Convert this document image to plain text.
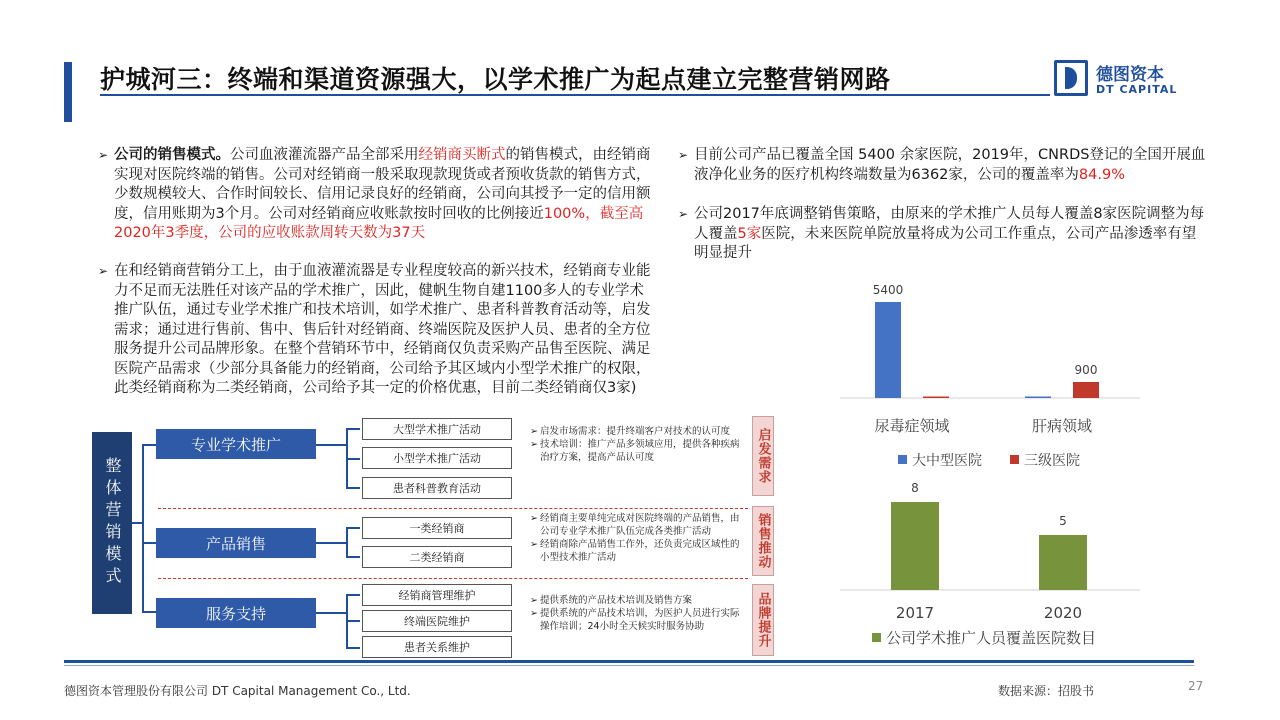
护城河三：终端和渠道资源强大，以学术推广为起点建立完整营销网路	德图资本
DT CAPITAL
➢ 公司的销售模式。公司血液灌流器产品全部采用经销商买断式的销售模式，由经销商实现对医院终端的销售。公司对经销商一般采取现款现货或者预收货款的销售方式，少数规模较大、合作时间较长、信用记录良好的经销商，公司向其授予一定的信用额度，信用账期为3个月。公司对经销商应收账款按时回收的比例接近100%，截至高2020年3季度，公司的应收账款周转天数为37天
➢ 在和经销商营销分工上，由于血液灌流器是专业程度较高的新兴技术，经销商专业能力不足而无法胜任对该产品的学术推广，因此，健帆生物自建1100多人的专业学术推广队伍，通过专业学术推广和技术培训，如学术推广、患者科普教育活动等，启发需求；通过进行售前、售中、售后针对经销商、终端医院及医护人员、患者的全方位服务提升公司品牌形象。在整个营销环节中，经销商仅负责采购产品售至医院、满足医院产品需求（少部分具备能力的经销商，公司给予其区域内小型学术推广的权限，此类经销商称为二类经销商，公司给予其一定的价格优惠，目前二类经销商仅3家)
➢ 目前公司产品已覆盖全国 5400 余家医院，2019年，CNRDS登记的全国开展血液净化业务的医疗机构终端数量为6362家，公司的覆盖率为84.9%
➢ 公司2017年底调整销售策略，由原来的学术推广人员每人覆盖8家医院调整为每人覆盖5家医院，未来医院单院放量将成为公司工作重点，公司产品渗透率有望明显提升
整体营销模式
专业学术推广
大型学术推广活动
小型学术推广活动
患者科普教育活动
➢ 启发市场需求：提升终端客户对技术的认可度
➢ 技术培训：推广产品多领域应用，提供各种疾病治疗方案，提高产品认可度	启发需求
产品销售
一类经销商
二类经销商
➢ 经销商主要单纯完成对医院终端的产品销售，由公司专业学术推广队伍完成各类推广活动
➢ 经销商除产品销售工作外，还负责完成区域性的小型技术推广活动	销售推动
服务支持
经销商管理维护
终端医院维护
患者关系维护
➢ 提供系统的产品技术培训及销售方案
➢ 提供系统的产品技术培训，为医护人员进行实际操作培训；24小时全天候实时服务协助	品牌提升
5400
尿毒症领域
900
肝病领域
大中型医院	三级医院
8
2017
5
2020
公司学术推广人员覆盖医院数目
德图资本管理股份有限公司 DT Capital Management Co., Ltd.	数据来源：招股书	27
